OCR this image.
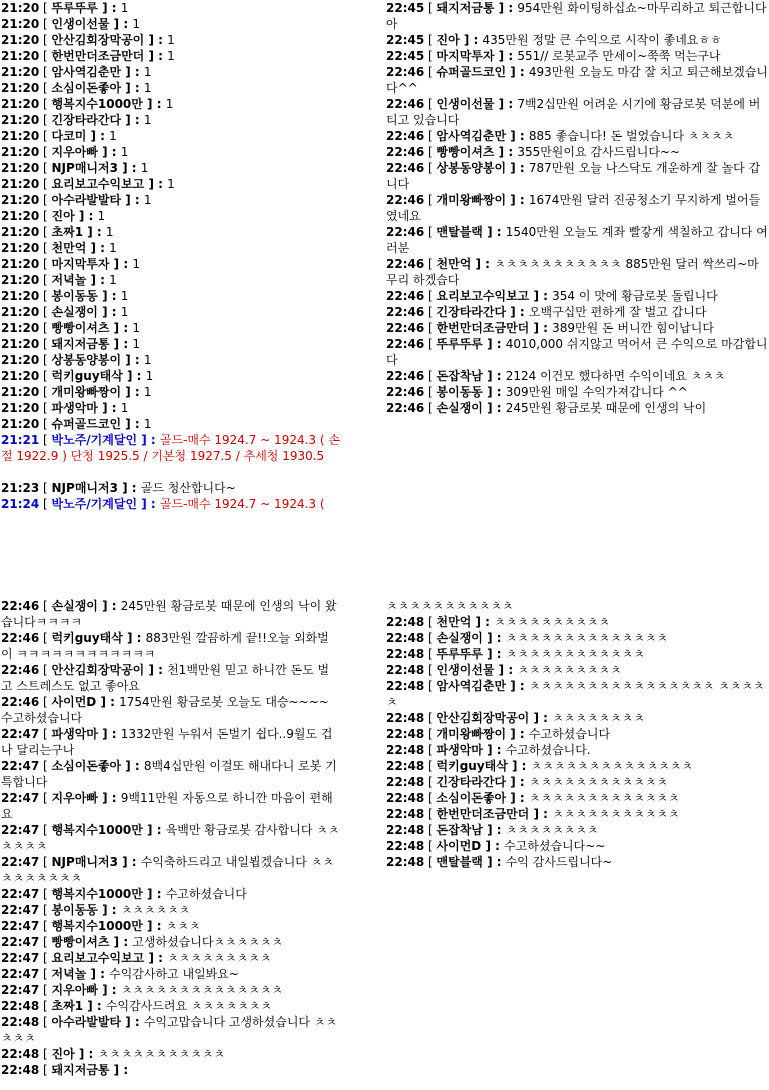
21:20 [ 뚜루뚜루 ] : 1
21:20 [ 인생이선물 ] : 1
21:20 [ 안산김회장막공이 ] : 1
21:20 [ 한번만더조금만더 ] : 1
21:20 [ 암사역김춘만 ] : 1
21:20 [ 소심이돈좋아 ] : 1
21:20 [ 행복지수1000만 ] : 1
21:20 [ 긴장타라간다 ] : 1
21:20 [ 다코미 ] : 1
21:20 [ 지우아빠 ] : 1
21:20 [ NJP매니저3 ] : 1
21:20 [ 요리보고수익보고 ] : 1
21:20 [ 아수라발발타 ] : 1
21:20 [ 진아 ] : 1
21:20 [ 초짜1 ] : 1
21:20 [ 천만억 ] : 1
21:20 [ 마지막투자 ] : 1
21:20 [ 저녁놀 ] : 1
21:20 [ 봉이동동 ] : 1
21:20 [ 손실쟁이 ] : 1
21:20 [ 빵빵이셔츠 ] : 1
21:20 [ 돼지저금통 ] : 1
21:20 [ 상봉동양봉이 ] : 1
21:20 [ 럭키guy태삭 ] : 1
21:20 [ 개미왕빠짱이 ] : 1
21:20 [ 파생악마 ] : 1
21:20 [ 슈퍼골드코인 ] : 1
21:21 [ 박노주/기계달인 ] : 골드-매수 1924.7 ~ 1924.3 ( 손절 1922.9 ) 단청 1925.5 / 기본청 1927.5 / 추세청 1930.5
21:23 [ NJP매니저3 ] : 골드 청산합니다~
21:24 [ 박노주/기계달인 ] : 골드-매수 1924.7 ~ 1924.3 (
22:45 [ 돼지저금통 ] : 954만원 화이팅하십쇼~마무리하고 퇴근합니다아
22:45 [ 진아 ] : 435만원 정말 큰 수익으로 시작이 좋네요ㅎㅎ
22:45 [ 마지막투자 ] : 551// 로봇교주 만세이~쭉쭉 먹는구나
22:46 [ 슈퍼골드코인 ] : 493만원 오늘도 마감 잘 치고 퇴근해보겠습니다^^
22:46 [ 인생이선물 ] : 7백2십만원 어려운 시기에 황금로봇 덕분에 버티고 있습니다
22:46 [ 암사역김춘만 ] : 885 좋습니다! 돈 벌었습니다 ㅊㅊㅊㅊ
22:46 [ 빵빵이셔츠 ] : 355만원이요 감사드립니다~~
22:46 [ 상봉동양봉이 ] : 787만원 오늘 나스닥도 개운하게 잘 놀다 갑니다
22:46 [ 개미왕빠짱이 ] : 1674만원 달러 진공청소기 무지하게 벌어들였네요
22:46 [ 맨탈블랙 ] : 1540만원 오늘도 계좌 빨갛게 색칠하고 갑니다 여러분
22:46 [ 천만억 ] : ㅊㅊㅊㅊㅊㅊㅊㅊㅊㅊㅊ 885만원 달러 싹쓰리~마무리 하겠습다
22:46 [ 요리보고수익보고 ] : 354 이 맛에 황금로봇 돌립니다
22:46 [ 긴장타라간다 ] : 오백구십만 편하게 잘 벌고 갑니다
22:46 [ 한번만더조금만더 ] : 389만원 돈 버니깐 힘이납니다
22:46 [ 뚜루뚜루 ] : 4010,000 쉬지않고 먹어서 큰 수익으로 마감합니다
22:46 [ 돈잡착남 ] : 2124 이건모 했다하면 수익이네요 ㅊㅊㅊ
22:46 [ 봉이동동 ] : 309만원 매일 수익가져갑니다 ^^
22:46 [ 손실쟁이 ] : 245만원 황금로봇 때문에 인생의 낙이
22:46 [ 손실쟁이 ] : 245만원 황금로봇 때문에 인생의 낙이 왔습니다ㅋㅋㅋㅋ
22:46 [ 럭키guy태삭 ] : 883만원 깔끔하게 끝!!오늘 외화벌이 ㅋㅋㅋㅋㅋㅋㅋㅋㅋㅋㅋㅋ
22:46 [ 안산김회장막공이 ] : 천1백만원 믿고 하니깐 돈도 벌고 스트레스도 없고 좋아요
22:46 [ 사이먼D ] : 1754만원 황금로봇 오늘도 대승~~~~수고하셨습니다
22:47 [ 파생악마 ] : 1332만원 누워서 돈벌기 쉽다..9월도 겁나 달리는구나
22:47 [ 소심이돈좋아 ] : 8백4십만원 이걸또 해내다니 로봇 기특합니다
22:47 [ 지우아빠 ] : 9백11만원 자동으로 하니깐 마음이 편해요
22:47 [ 행복지수1000만 ] : 육백만 황금로봇 감사합니다 ㅊㅊㅊㅊㅊㅊ
22:47 [ NJP매니저3 ] : 수익축하드리고 내일뵙겠습니다 ㅊㅊㅊㅊㅊㅊㅊㅊㅊ
22:47 [ 행복지수1000만 ] : 수고하셨습니다
22:47 [ 봉이동동 ] : ㅊㅊㅊㅊㅊㅊ
22:47 [ 행복지수1000만 ] : ㅊㅊㅊ
22:47 [ 빵빵이셔츠 ] : 고생하셨습니다ㅊㅊㅊㅊㅊㅊ
22:47 [ 요리보고수익보고 ] : ㅊㅊㅊㅊㅊㅊㅊㅊㅊ
22:47 [ 저녁놀 ] : 수익감사하고 내일봐요~
22:47 [ 지우아빠 ] : ㅊㅊㅊㅊㅊㅊㅊㅊㅊㅊㅊㅊㅊㅊ
22:48 [ 초짜1 ] : 수익감사드려요 ㅊㅊㅊㅊㅊㅊㅊ
22:48 [ 아수라발발타 ] : 수익고맙습니다 고생하셨습니다 ㅊㅊㅊㅊㅊ
22:48 [ 진아 ] : ㅊㅊㅊㅊㅊㅊㅊㅊㅊㅊㅊ
22:48 [ 돼지저금통 ] :
ㅊㅊㅊㅊㅊㅊㅊㅊㅊㅊㅊ
22:48 [ 천만억 ] : ㅊㅊㅊㅊㅊㅊㅊㅊㅊㅊ
22:48 [ 손실쟁이 ] : ㅊㅊㅊㅊㅊㅊㅊㅊㅊㅊㅊㅊㅊㅊ
22:48 [ 뚜루뚜루 ] : ㅊㅊㅊㅊㅊㅊㅊㅊㅊㅊㅊㅊ
22:48 [ 인생이선물 ] : ㅊㅊㅊㅊㅊㅊㅊㅊㅊ
22:48 [ 암사역김춘만 ] : ㅊㅊㅊㅊㅊㅊㅊㅊㅊㅊㅊㅊㅊㅊㅊㅊ ㅊㅊㅊㅊㅊ
22:48 [ 안산김회장막공이 ] : ㅊㅊㅊㅊㅊㅊㅊㅊ
22:48 [ 개미왕빠짱이 ] : 수고하셨습니다
22:48 [ 파생악마 ] : 수고하셨습니다.
22:48 [ 럭키guy태삭 ] : ㅊㅊㅊㅊㅊㅊㅊㅊㅊㅊㅊㅊㅊㅊ
22:48 [ 긴장타라간다 ] : ㅊㅊㅊㅊㅊㅊㅊㅊㅊㅊㅊㅊ
22:48 [ 소심이돈좋아 ] : ㅊㅊㅊㅊㅊㅊㅊㅊㅊㅊㅊㅊㅊ
22:48 [ 한번만더조금만더 ] : ㅊㅊㅊㅊㅊㅊㅊㅊㅊㅊㅊ
22:48 [ 돈잡착남 ] : ㅊㅊㅊㅊㅊㅊㅊㅊ
22:48 [ 사이먼D ] : 수고하셨습니다~~
22:48 [ 맨탈블랙 ] : 수익 감사드립니다~
